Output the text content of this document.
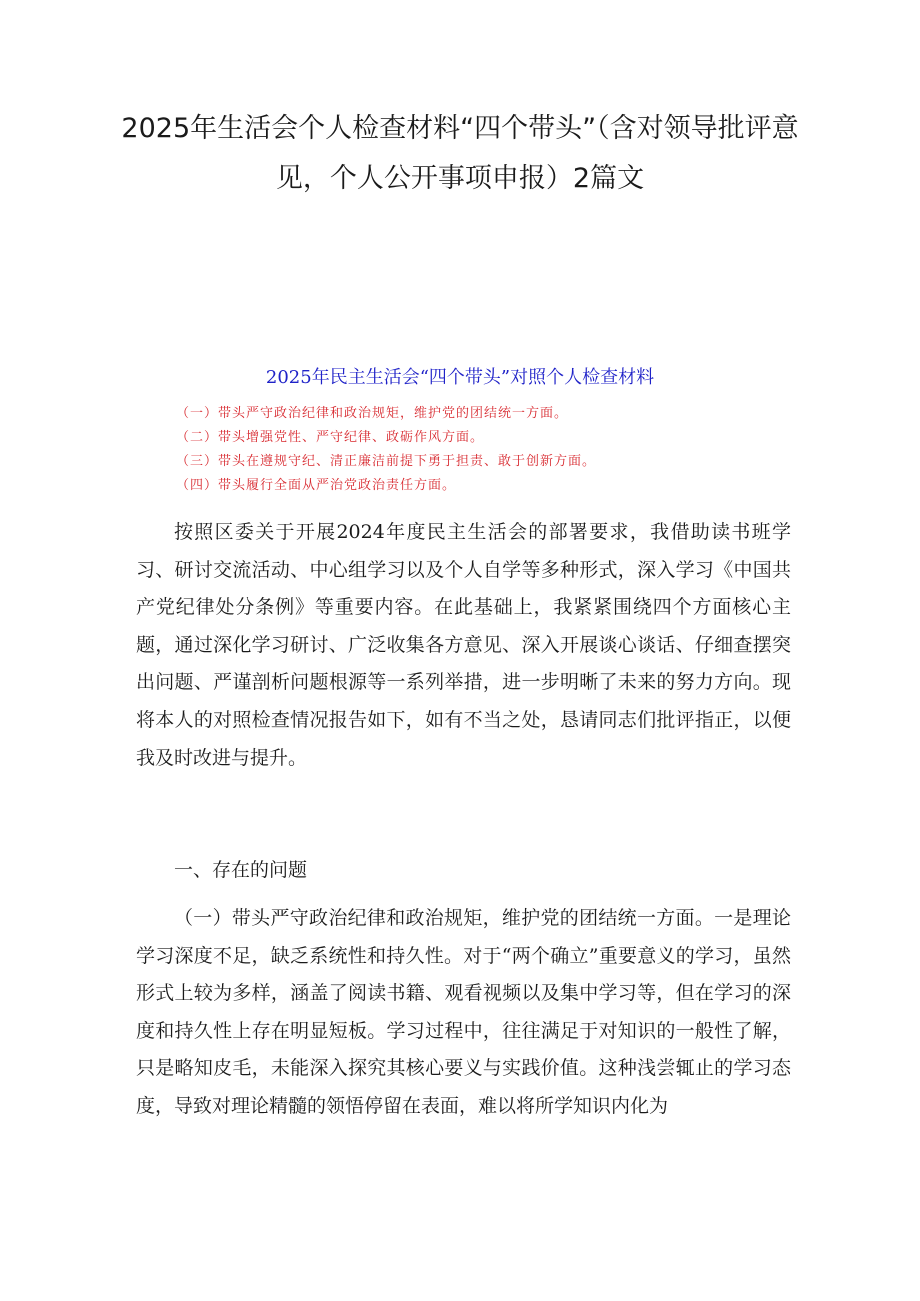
2025年生活会个人检查材料“四个带头”（含对领导批评意见，个人公开事项申报）2篇文
2025年民主生活会“四个带头”对照个人检查材料
（一）带头严守政治纪律和政治规矩，维护党的团结统一方面。
（二）带头增强党性、严守纪律、政砺作风方面。
（三）带头在遵规守纪、清正廉洁前提下勇于担责、敢于创新方面。
（四）带头履行全面从严治党政治责任方面。

按照区委关于开展2024年度民主生活会的部署要求，我借助读书班学习、研讨交流活动、中心组学习以及个人自学等多种形式，深入学习《中国共产党纪律处分条例》等重要内容。在此基础上，我紧紧围绕四个方面核心主题，通过深化学习研讨、广泛收集各方意见、深入开展谈心谈话、仔细查摆突出问题、严谨剖析问题根源等一系列举措，进一步明晰了未来的努力方向。现将本人的对照检查情况报告如下，如有不当之处，恳请同志们批评指正，以便我及时改进与提升。

一、存在的问题

（一）带头严守政治纪律和政治规矩，维护党的团结统一方面。一是理论学习深度不足，缺乏系统性和持久性。对于“两个确立”重要意义的学习，虽然形式上较为多样，涵盖了阅读书籍、观看视频以及集中学习等，但在学习的深度和持久性上存在明显短板。学习过程中，往往满足于对知识的一般性了解，只是略知皮毛，未能深入探究其核心要义与实践价值。这种浅尝辄止的学习态度，导致对理论精髓的领悟停留在表面，难以将所学知识内化为
